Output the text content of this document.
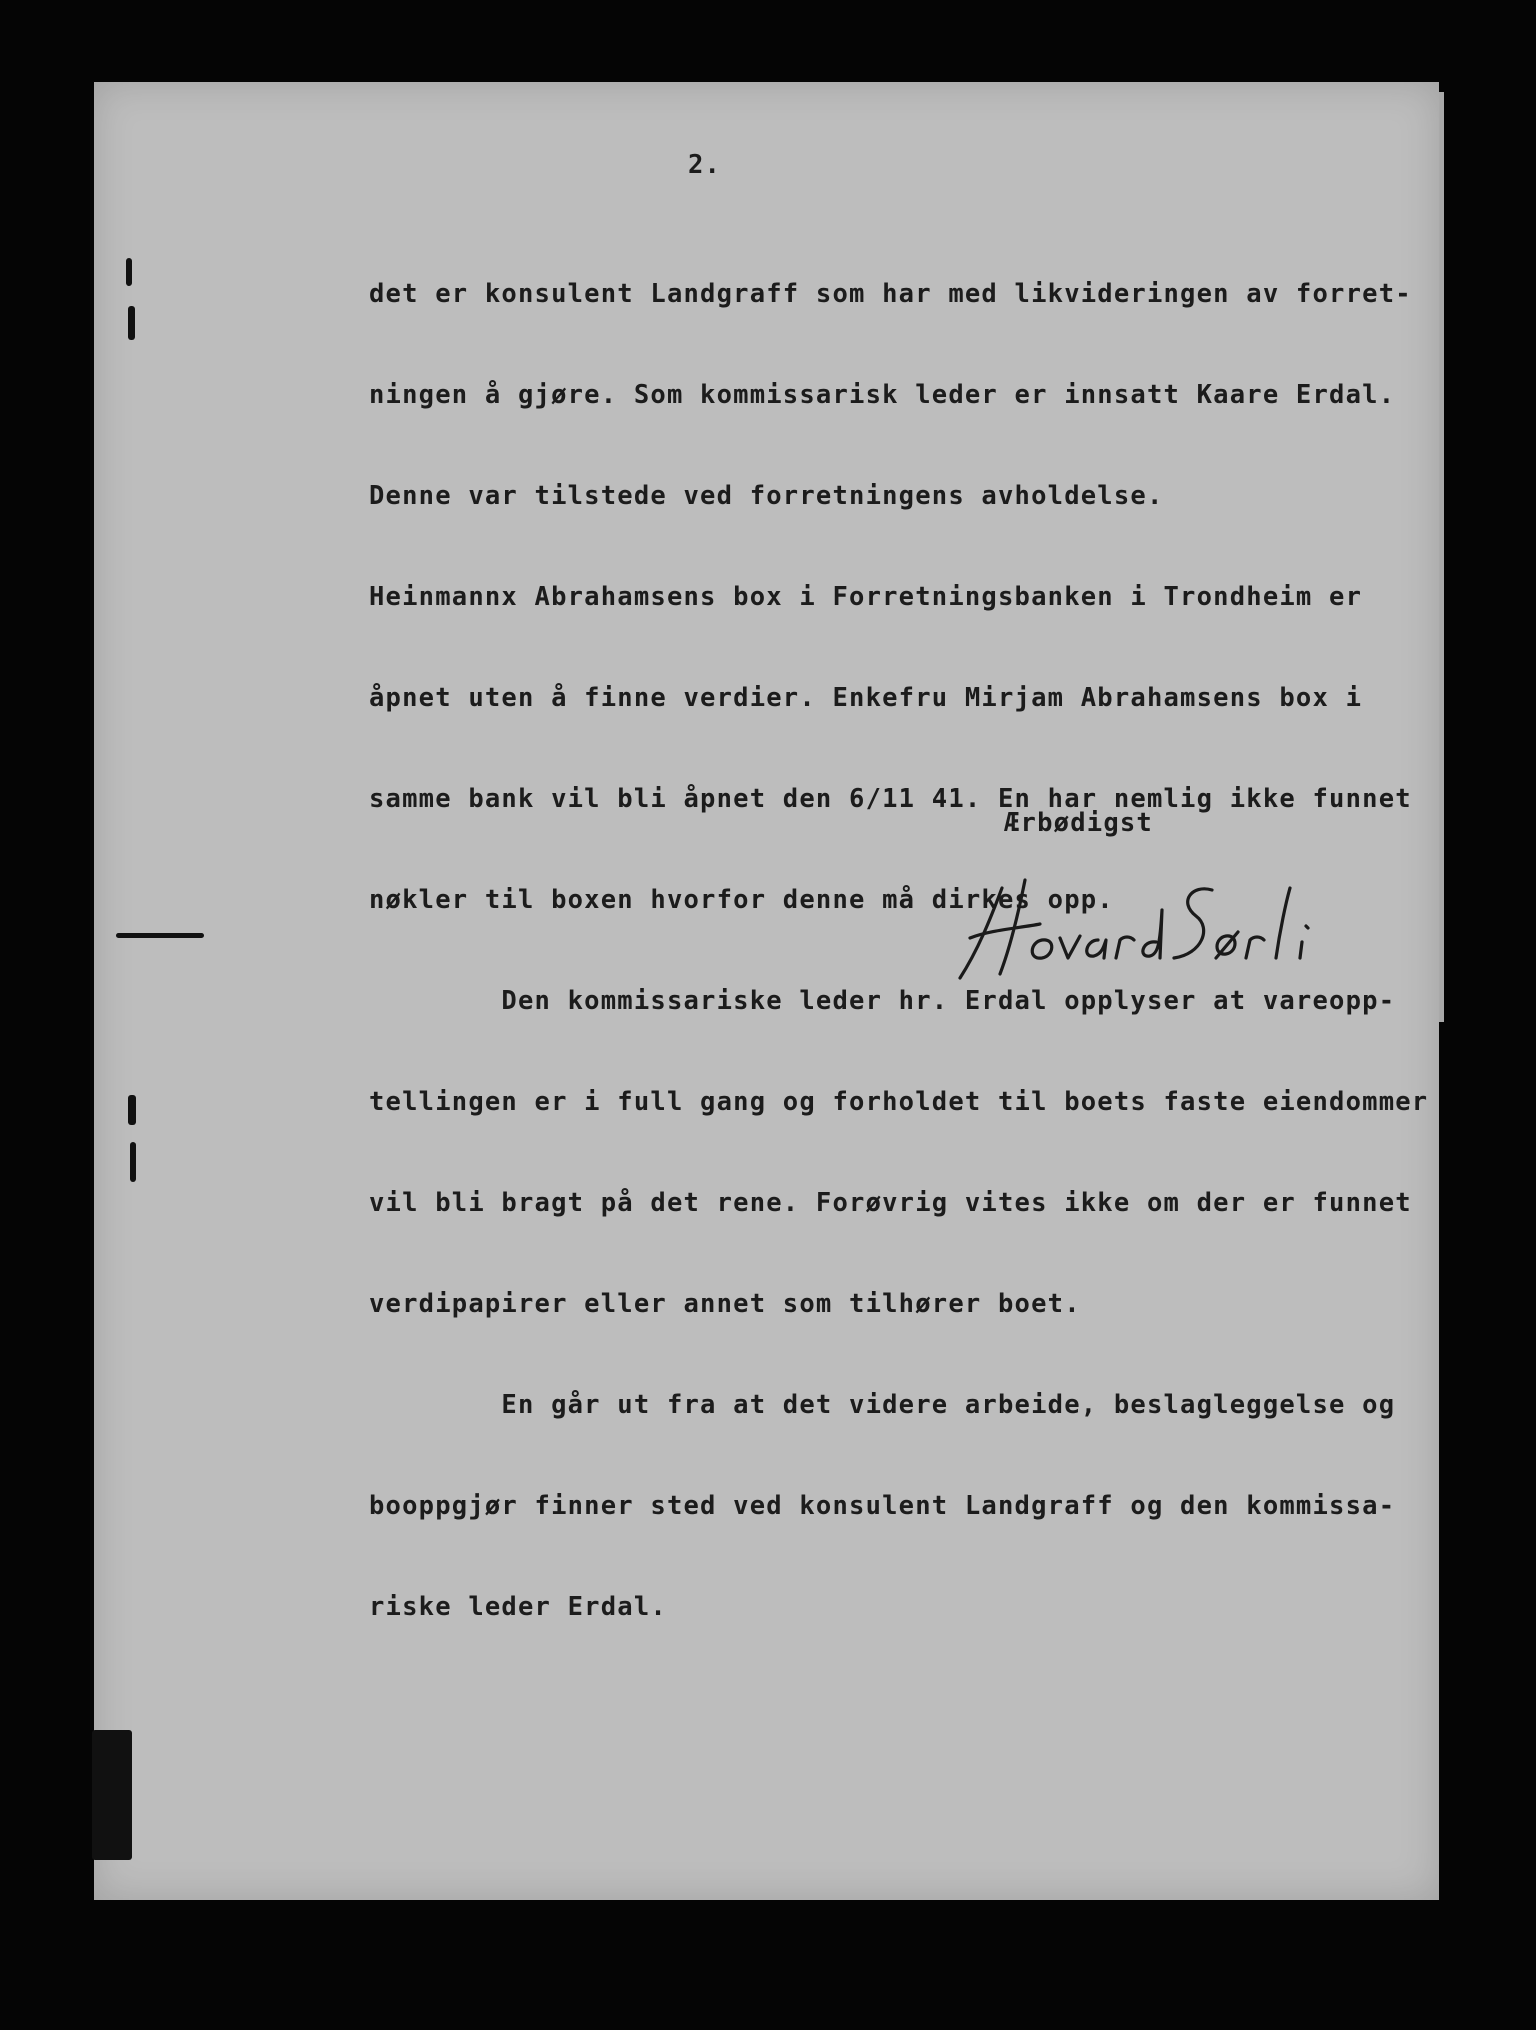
2.

det er konsulent Landgraff som har med likvideringen av forret-

ningen å gjøre. Som kommissarisk leder er innsatt Kaare Erdal.

Denne var tilstede ved forretningens avholdelse.

Heinmannx Abrahamsens box i Forretningsbanken i Trondheim er

åpnet uten å finne verdier. Enkefru Mirjam Abrahamsens box i

samme bank vil bli åpnet den 6/11 41. En har nemlig ikke funnet

nøkler til boxen hvorfor denne må dirkes opp.

Den kommissariske leder hr. Erdal opplyser at vareopp-

tellingen er i full gang og forholdet til boets faste eiendommer

vil bli bragt på det rene. Forøvrig vites ikke om der er funnet

verdipapirer eller annet som tilhører boet.

En går ut fra at det videre arbeide, beslagleggelse og

booppgjør finner sted ved konsulent Landgraff og den kommissa-

riske leder Erdal.

Ærbødigst
